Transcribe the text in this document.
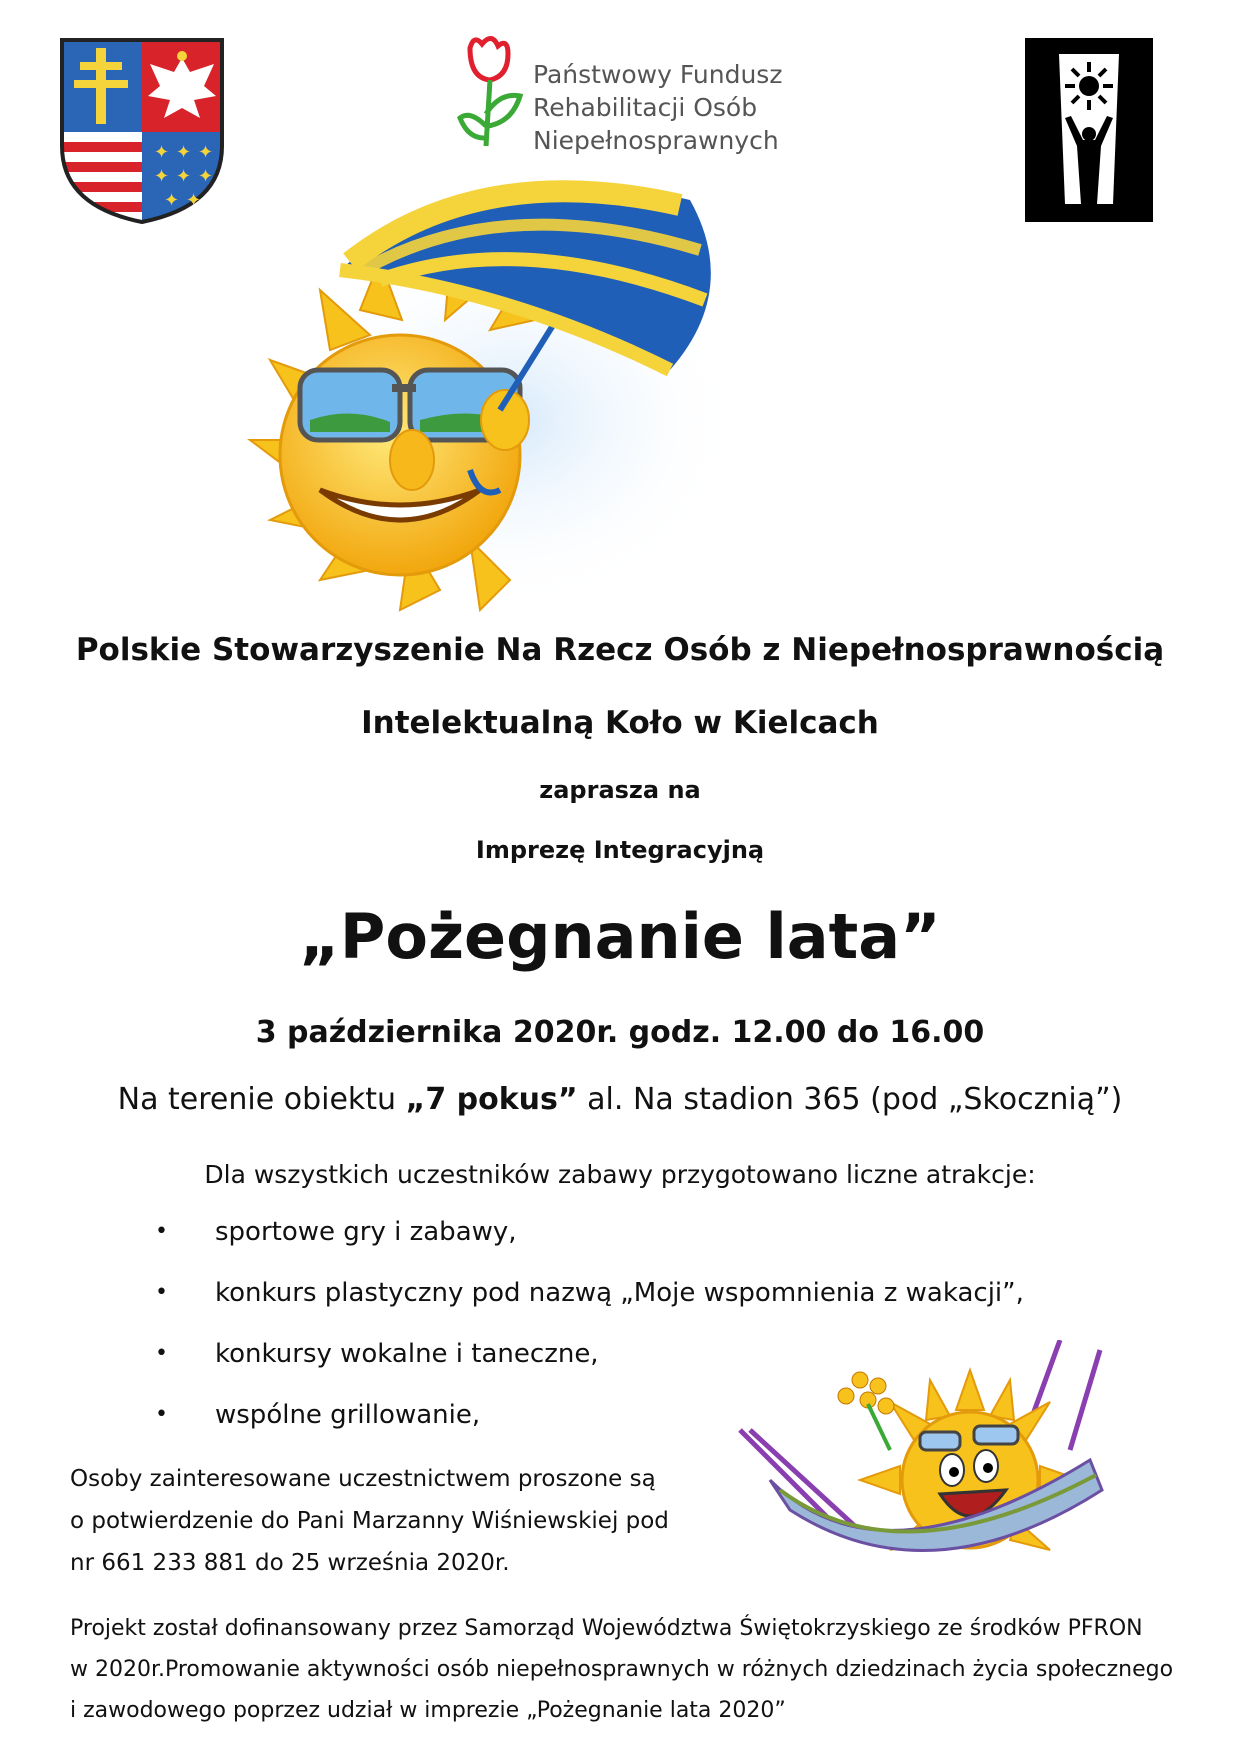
✦ ✦ ✦
✦ ✦ ✦
✦ ✦
Państwowy Fundusz
Rehabilitacji Osób
Niepełnosprawnych
Polskie Stowarzyszenie Na Rzecz Osób z Niepełnosprawnością
Intelektualną Koło w Kielcach
zaprasza na
Imprezę Integracyjną
„Pożegnanie lata”
3 października 2020r. godz. 12.00 do 16.00
Na terenie obiektu „7 pokus” al. Na stadion 365 (pod „Skocznią”)
Dla wszystkich uczestników zabawy przygotowano liczne atrakcje:
• sportowe gry i zabawy,
• konkurs plastyczny pod nazwą „Moje wspomnienia z wakacji”,
• konkursy wokalne i taneczne,
• wspólne grillowanie,

Osoby zainteresowane uczestnictwem proszone są

o potwierdzenie do Pani Marzanny Wiśniewskiej pod

nr 661 233 881 do 25 września 2020r.

Projekt został dofinansowany przez Samorząd Województwa Świętokrzyskiego ze środków PFRON

w 2020r.Promowanie aktywności osób niepełnosprawnych w różnych dziedzinach życia społecznego

i zawodowego poprzez udział w imprezie „Pożegnanie lata 2020”
